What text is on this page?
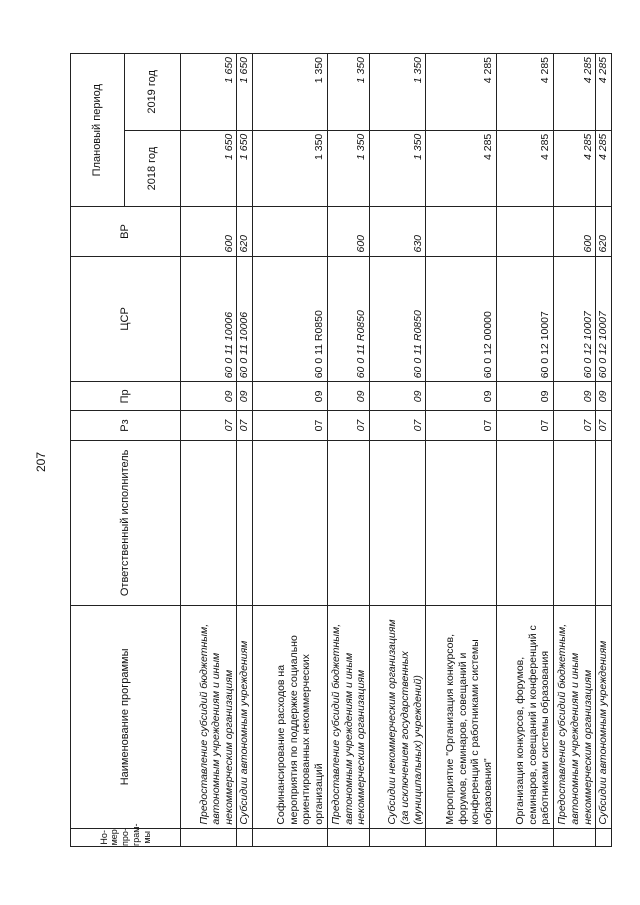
207
Но-мер про-грам-мы	Наименование программы	Ответственный исполнитель	Рз	Пр	ЦСР	ВР	Плановый период	
							2018 год	2019 год
	Предоставление субсидий бюджетным, автономным учреждениям и иным некоммерческим организациям		07	09	60 0 11 10006	600	1 650	1 650
	Субсидии автономным учреждениям		07	09	60 0 11 10006	620	1 650	1 650
	Софинансирование расходов на мероприятия по поддержке социально ориентированных некоммерческих организаций		07	09	60 0 11 R0850		1 350	1 350
	Предоставление субсидий бюджетным, автономным учреждениям и иным некоммерческим организациям		07	09	60 0 11 R0850	600	1 350	1 350
	Субсидии некоммерческим организациям (за исключением государственных (муниципальных) учреждений)		07	09	60 0 11 R0850	630	1 350	1 350
	Мероприятие "Организация конкурсов, форумов, семинаров, совещаний и конференций с работниками системы образования"		07	09	60 0 12 00000		4 285	4 285
	Организация конкурсов, форумов, семинаров, совещаний и конференций с работниками системы образования		07	09	60 0 12 10007		4 285	4 285
	Предоставление субсидий бюджетным, автономным учреждениям и иным некоммерческим организациям		07	09	60 0 12 10007	600	4 285	4 285
	Субсидии автономным учреждениям		07	09	60 0 12 10007	620	4 285	4 285
